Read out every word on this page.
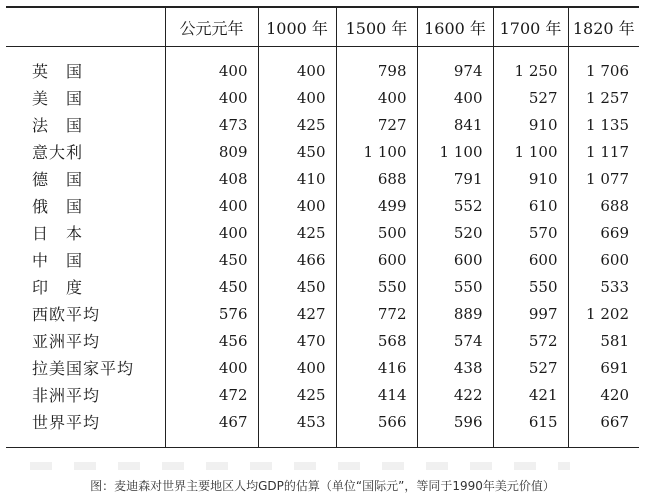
	公元元年	1000 年	1500 年	1600 年	1700 年	1820 年
英　国	400	400	798	974	1 250	1 706
美　国	400	400	400	400	527	1 257
法　国	473	425	727	841	910	1 135
意大利	809	450	1 100	1 100	1 100	1 117
德　国	408	410	688	791	910	1 077
俄　国	400	400	499	552	610	688
日　本	400	425	500	520	570	669
中　国	450	466	600	600	600	600
印　度	450	450	550	550	550	533
西欧平均	576	427	772	889	997	1 202
亚洲平均	456	470	568	574	572	581
拉美国家平均	400	400	416	438	527	691
非洲平均	472	425	414	422	421	420
世界平均	467	453	566	596	615	667
图：麦迪森对世界主要地区人均GDP的估算（单位“国际元”，等同于1990年美元价值）
